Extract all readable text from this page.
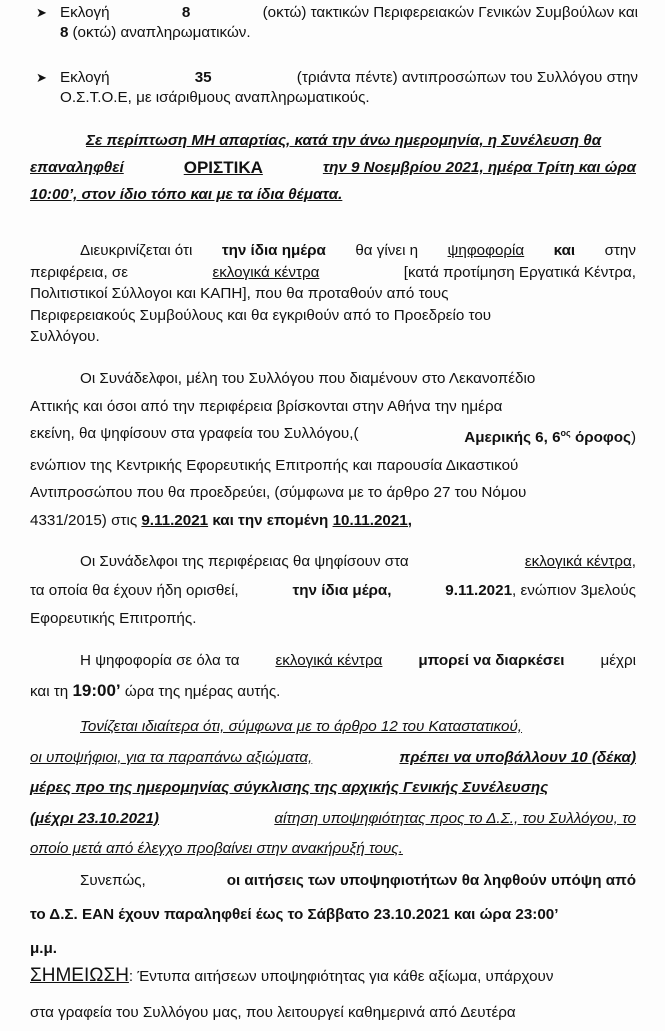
➤ Εκλογή	8	(οκτώ) τακτικών Περιφερειακών Γενικών Συμβούλων και
8 (οκτώ) αναπληρωματικών.
➤ Εκλογή	35	(τριάντα πέντε) αντιπροσώπων του Συλλόγου στην
Ο.Σ.Τ.Ο.Ε, με ισάριθμους αναπληρωματικούς.
Σε περίπτωση ΜΗ απαρτίας, κατά την άνω ημερομηνία, η Συνέλευση θα
επαναληφθεί	ΟΡΙΣΤΙΚΑ	την 9 Νοεμβρίου 2021, ημέρα Τρίτη και ώρα
10:00’, στον ίδιο τόπο και με τα ίδια θέματα.
Διευκρινίζεται ότι την ίδια ημέρα θα γίνει η ψηφοφορία και στην
περιφέρεια, σε	εκλογικά κέντρα	[κατά προτίμηση Εργατικά Κέντρα,
Πολιτιστικοί Σύλλογοι και ΚΑΠΗ], που θα προταθούν από τους
Περιφερειακούς Συμβούλους και θα εγκριθούν από το Προεδρείο του
Συλλόγου.
Οι Συνάδελφοι, μέλη του Συλλόγου που διαμένουν στο Λεκανοπέδιο
Αττικής και όσοι από την περιφέρεια βρίσκονται στην Αθήνα την ημέρα
εκείνη, θα ψηφίσουν στα γραφεία του Συλλόγου,(	Αμερικής 6, $6^{o\varsigma}$ όροφος)
ενώπιον της Κεντρικής Εφορευτικής Επιτροπής και παρουσία Δικαστικού
Αντιπροσώπου που θα προεδρεύει, (σύμφωνα με το άρθρο 27 του Νόμου
4331/2015) στις 9.11.2021 και την επομένη 10.11.2021,
Οι Συνάδελφοι της περιφέρειας θα ψηφίσουν στα	εκλογικά κέντρα,
τα οποία θα έχουν ήδη ορισθεί,	την ίδια μέρα,	9.11.2021, ενώπιον 3μελούς
Εφορευτικής Επιτροπής.
Η ψηφοφορία σε όλα τα εκλογικά κέντρα μπορεί να διαρκέσει μέχρι
και τη 19:00’ ώρα της ημέρας αυτής.
Τονίζεται ιδιαίτερα ότι, σύμφωνα με το άρθρο 12 του Καταστατικού,
οι υποψήφιοι, για τα παραπάνω αξιώματα,	πρέπει να υποβάλλουν 10 (δέκα)
μέρες προ της ημερομηνίας σύγκλισης της αρχικής Γενικής Συνέλευσης
(μέχρι 23.10.2021)	αίτηση υποψηφιότητας προς το Δ.Σ., του Συλλόγου, το
οποίο μετά από έλεγχο προβαίνει στην ανακήρυξή τους.
Συνεπώς,	οι αιτήσεις των υποψηφιοτήτων θα ληφθούν υπόψη από
το Δ.Σ. ΕΑΝ έχουν παραληφθεί έως το Σάββατο 23.10.2021 και ώρα 23:00’
μ.μ.
ΣΗΜΕΙΩΣΗ: Έντυπα αιτήσεων υποψηφιότητας για κάθε αξίωμα, υπάρχουν
στα γραφεία του Συλλόγου μας, που λειτουργεί καθημερινά από Δευτέρα
